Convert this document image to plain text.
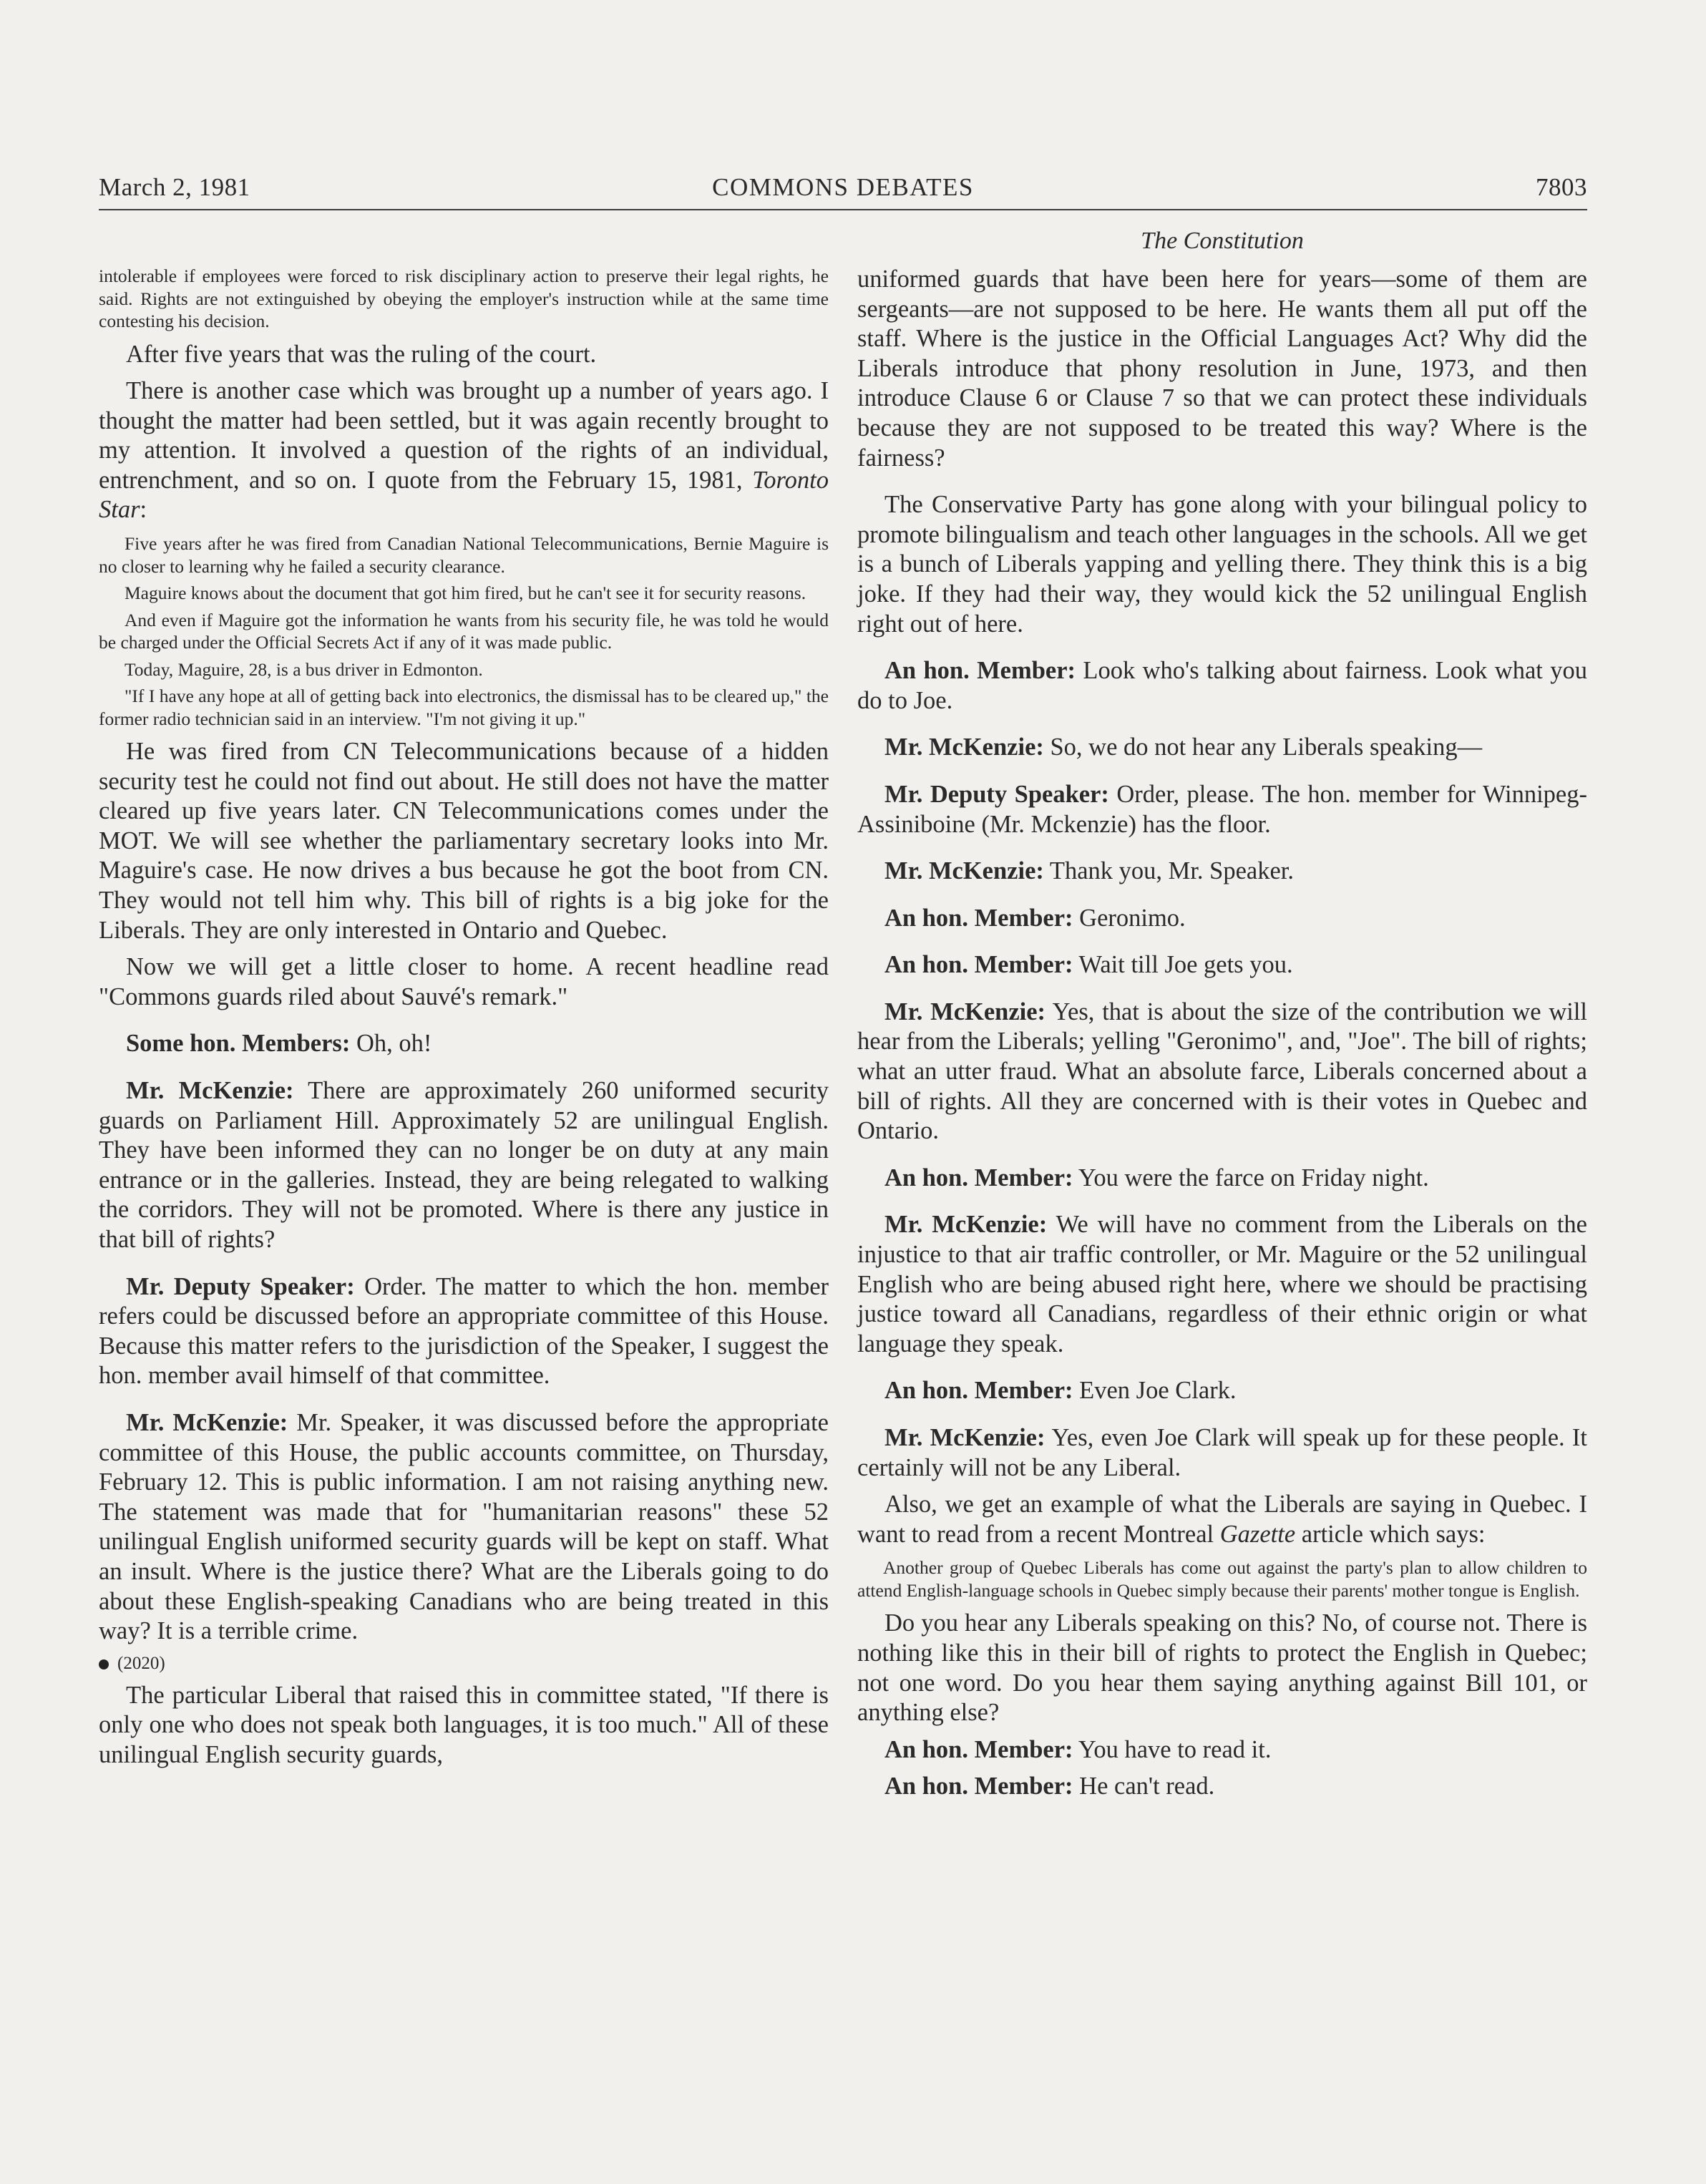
March 2, 1981	COMMONS DEBATES	7803
The Constitution

intolerable if employees were forced to risk disciplinary action to preserve their legal rights, he said. Rights are not extinguished by obeying the employer's instruction while at the same time contesting his decision.

After five years that was the ruling of the court.

There is another case which was brought up a number of years ago. I thought the matter had been settled, but it was again recently brought to my attention. It involved a question of the rights of an individual, entrenchment, and so on. I quote from the February 15, 1981, Toronto Star:

Five years after he was fired from Canadian National Telecommunications, Bernie Maguire is no closer to learning why he failed a security clearance.

Maguire knows about the document that got him fired, but he can't see it for security reasons.

And even if Maguire got the information he wants from his security file, he was told he would be charged under the Official Secrets Act if any of it was made public.

Today, Maguire, 28, is a bus driver in Edmonton.

"If I have any hope at all of getting back into electronics, the dismissal has to be cleared up," the former radio technician said in an interview. "I'm not giving it up."

He was fired from CN Telecommunications because of a hidden security test he could not find out about. He still does not have the matter cleared up five years later. CN Telecommunications comes under the MOT. We will see whether the parliamentary secretary looks into Mr. Maguire's case. He now drives a bus because he got the boot from CN. They would not tell him why. This bill of rights is a big joke for the Liberals. They are only interested in Ontario and Quebec.

Now we will get a little closer to home. A recent headline read "Commons guards riled about Sauvé's remark."

Some hon. Members: Oh, oh!

Mr. McKenzie: There are approximately 260 uniformed security guards on Parliament Hill. Approximately 52 are unilingual English. They have been informed they can no longer be on duty at any main entrance or in the galleries. Instead, they are being relegated to walking the corridors. They will not be promoted. Where is there any justice in that bill of rights?

Mr. Deputy Speaker: Order. The matter to which the hon. member refers could be discussed before an appropriate committee of this House. Because this matter refers to the jurisdiction of the Speaker, I suggest the hon. member avail himself of that committee.

Mr. McKenzie: Mr. Speaker, it was discussed before the appropriate committee of this House, the public accounts committee, on Thursday, February 12. This is public information. I am not raising anything new. The statement was made that for "humanitarian reasons" these 52 unilingual English uniformed security guards will be kept on staff. What an insult. Where is the justice there? What are the Liberals going to do about these English-speaking Canadians who are being treated in this way? It is a terrible crime.

(2020)

The particular Liberal that raised this in committee stated, "If there is only one who does not speak both languages, it is too much." All of these unilingual English security guards,

uniformed guards that have been here for years—some of them are sergeants—are not supposed to be here. He wants them all put off the staff. Where is the justice in the Official Languages Act? Why did the Liberals introduce that phony resolution in June, 1973, and then introduce Clause 6 or Clause 7 so that we can protect these individuals because they are not supposed to be treated this way? Where is the fairness?

The Conservative Party has gone along with your bilingual policy to promote bilingualism and teach other languages in the schools. All we get is a bunch of Liberals yapping and yelling there. They think this is a big joke. If they had their way, they would kick the 52 unilingual English right out of here.

An hon. Member: Look who's talking about fairness. Look what you do to Joe.

Mr. McKenzie: So, we do not hear any Liberals speaking—

Mr. Deputy Speaker: Order, please. The hon. member for Winnipeg-Assiniboine (Mr. Mckenzie) has the floor.

Mr. McKenzie: Thank you, Mr. Speaker.

An hon. Member: Geronimo.

An hon. Member: Wait till Joe gets you.

Mr. McKenzie: Yes, that is about the size of the contribution we will hear from the Liberals; yelling "Geronimo", and, "Joe". The bill of rights; what an utter fraud. What an absolute farce, Liberals concerned about a bill of rights. All they are concerned with is their votes in Quebec and Ontario.

An hon. Member: You were the farce on Friday night.

Mr. McKenzie: We will have no comment from the Liberals on the injustice to that air traffic controller, or Mr. Maguire or the 52 unilingual English who are being abused right here, where we should be practising justice toward all Canadians, regardless of their ethnic origin or what language they speak.

An hon. Member: Even Joe Clark.

Mr. McKenzie: Yes, even Joe Clark will speak up for these people. It certainly will not be any Liberal.

Also, we get an example of what the Liberals are saying in Quebec. I want to read from a recent Montreal Gazette article which says:

Another group of Quebec Liberals has come out against the party's plan to allow children to attend English-language schools in Quebec simply because their parents' mother tongue is English.

Do you hear any Liberals speaking on this? No, of course not. There is nothing like this in their bill of rights to protect the English in Quebec; not one word. Do you hear them saying anything against Bill 101, or anything else?

An hon. Member: You have to read it.

An hon. Member: He can't read.
